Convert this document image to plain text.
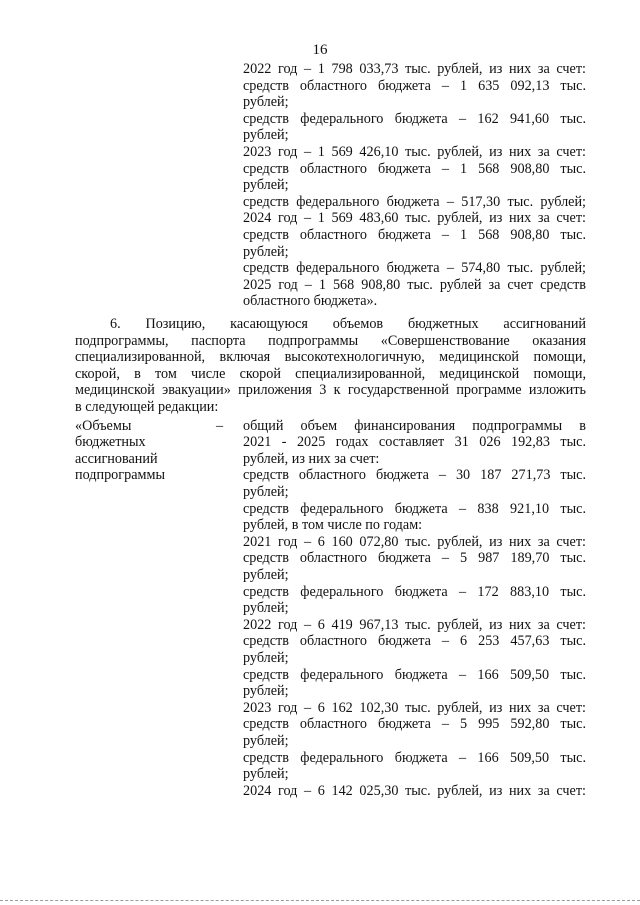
16
2022 год – 1 798 033,73 тыс. рублей, из них за счет:
средств областного бюджета – 1 635 092,13 тыс.
рублей;
средств федерального бюджета – 162 941,60 тыс.
рублей;
2023 год – 1 569 426,10 тыс. рублей, из них за счет:
средств областного бюджета – 1 568 908,80 тыс.
рублей;
средств федерального бюджета – 517,30 тыс. рублей;
2024 год – 1 569 483,60 тыс. рублей, из них за счет:
средств областного бюджета – 1 568 908,80 тыс.
рублей;
средств федерального бюджета – 574,80 тыс. рублей;
2025 год – 1 568 908,80 тыс. рублей за счет средств
областного бюджета».
6. Позицию, касающуюся объемов бюджетных ассигнований
подпрограммы, паспорта подпрограммы «Совершенствование оказания
специализированной, включая высокотехнологичную, медицинской помощи,
скорой, в том числе скорой специализированной, медицинской помощи,
медицинской эвакуации» приложения 3 к государственной программе изложить
в следующей редакции:
«Объемы
бюджетных
ассигнований
подпрограммы
– общий объем финансирования подпрограммы в
2021 - 2025 годах составляет 31 026 192,83 тыс.
рублей, из них за счет:
средств областного бюджета – 30 187 271,73 тыс.
рублей;
средств федерального бюджета – 838 921,10 тыс.
рублей, в том числе по годам:
2021 год – 6 160 072,80 тыс. рублей, из них за счет:
средств областного бюджета – 5 987 189,70 тыс.
рублей;
средств федерального бюджета – 172 883,10 тыс.
рублей;
2022 год – 6 419 967,13 тыс. рублей, из них за счет:
средств областного бюджета – 6 253 457,63 тыс.
рублей;
средств федерального бюджета – 166 509,50 тыс.
рублей;
2023 год – 6 162 102,30 тыс. рублей, из них за счет:
средств областного бюджета – 5 995 592,80 тыс.
рублей;
средств федерального бюджета – 166 509,50 тыс.
рублей;
2024 год – 6 142 025,30 тыс. рублей, из них за счет:
